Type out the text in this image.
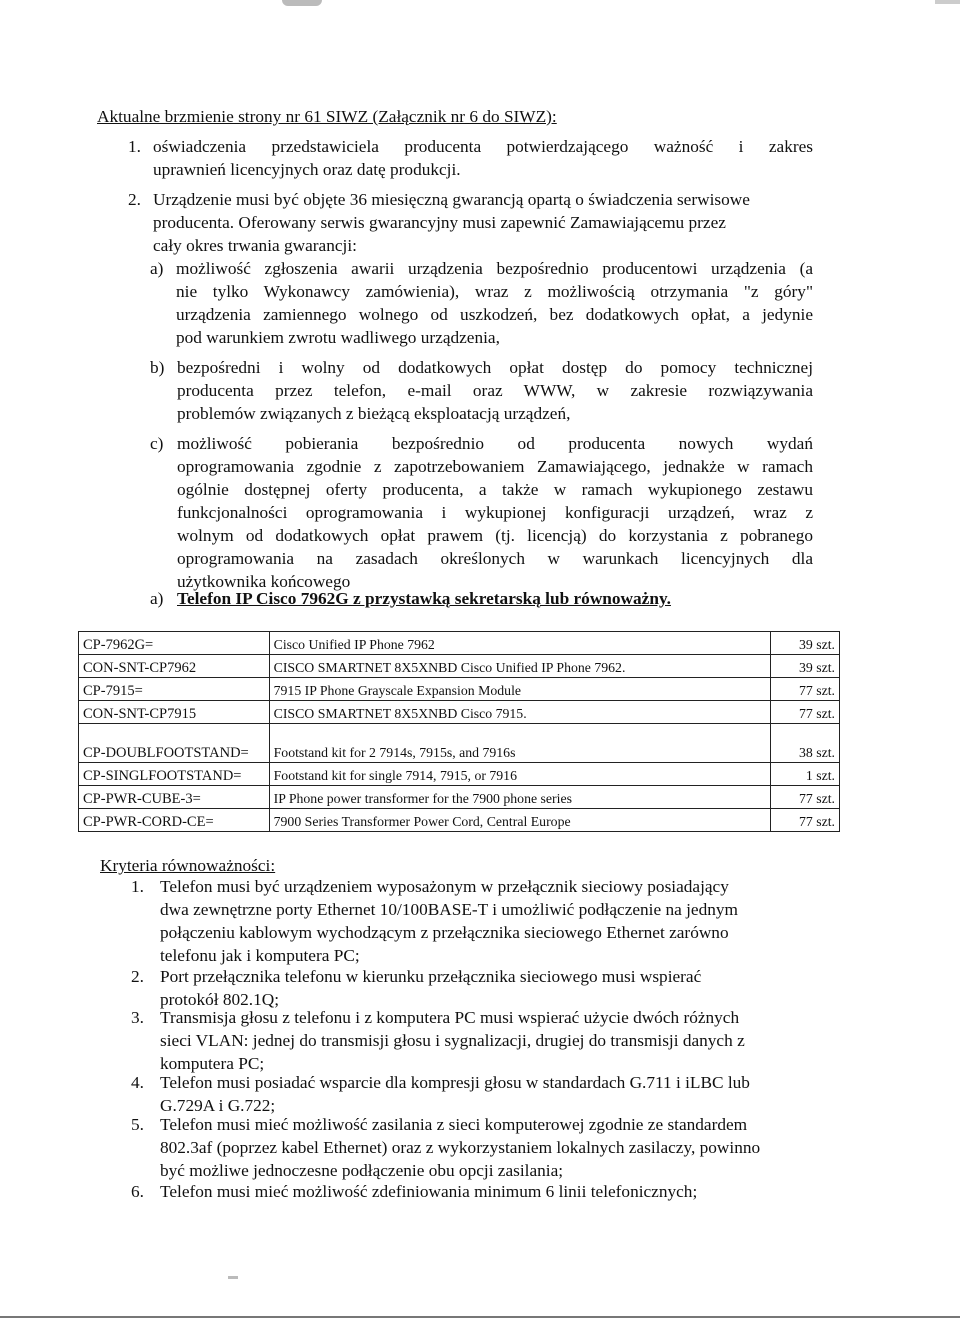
Aktualne brzmienie strony nr 61 SIWZ (Załącznik nr 6 do SIWZ):
1. oświadczenia przedstawiciela producenta potwierdzającego ważność i zakres
uprawnień licencyjnych oraz datę produkcji.
2. Urządzenie musi być objęte 36 miesięczną gwarancją opartą o świadczenia serwisowe
producenta. Oferowany serwis gwarancyjny musi zapewnić Zamawiającemu przez
cały okres trwania gwarancji:
a) możliwość zgłoszenia awarii urządzenia bezpośrednio producentowi urządzenia (a
nie tylko Wykonawcy zamówienia), wraz z możliwością otrzymania "z góry"
urządzenia zamiennego wolnego od uszkodzeń, bez dodatkowych opłat, a jedynie
pod warunkiem zwrotu wadliwego urządzenia,
b) bezpośredni i wolny od dodatkowych opłat dostęp do pomocy technicznej
producenta przez telefon, e-mail oraz WWW, w zakresie rozwiązywania
problemów związanych z bieżącą eksploatacją urządzeń,
c) możliwość pobierania bezpośrednio od producenta nowych wydań
oprogramowania zgodnie z zapotrzebowaniem Zamawiającego, jednakże w ramach
ogólnie dostępnej oferty producenta, a także w ramach wykupionego zestawu
funkcjonalności oprogramowania i wykupionej konfiguracji urządzeń, wraz z
wolnym od dodatkowych opłat prawem (tj. licencją) do korzystania z pobranego
oprogramowania na zasadach określonych w warunkach licencyjnych dla
użytkownika końcowego
a) Telefon IP Cisco 7962G z przystawką sekretarską lub równoważny.
CP-7962G=	Cisco Unified IP Phone 7962	39 szt.
CON-SNT-CP7962	CISCO SMARTNET 8X5XNBD Cisco Unified IP Phone 7962.	39 szt.
CP-7915=	7915 IP Phone Grayscale Expansion Module	77 szt.
CON-SNT-CP7915	CISCO SMARTNET 8X5XNBD Cisco 7915.	77 szt.
CP-DOUBLFOOTSTAND=	Footstand kit for 2 7914s, 7915s, and 7916s	38 szt.
CP-SINGLFOOTSTAND=	Footstand kit for single 7914, 7915, or 7916	1 szt.
CP-PWR-CUBE-3=	IP Phone power transformer for the 7900 phone series	77 szt.
CP-PWR-CORD-CE=	7900 Series Transformer Power Cord, Central Europe	77 szt.
Kryteria równoważności:
1. Telefon musi być urządzeniem wyposażonym w przełącznik sieciowy posiadający
dwa zewnętrzne porty Ethernet 10/100BASE-T i umożliwić podłączenie na jednym
połączeniu kablowym wychodzącym z przełącznika sieciowego Ethernet zarówno
telefonu jak i komputera PC;
2. Port przełącznika telefonu w kierunku przełącznika sieciowego musi wspierać
protokół 802.1Q;
3. Transmisja głosu z telefonu i z komputera PC musi wspierać użycie dwóch różnych
sieci VLAN: jednej do transmisji głosu i sygnalizacji, drugiej do transmisji danych z
komputera PC;
4. Telefon musi posiadać wsparcie dla kompresji głosu w standardach G.711 i iLBC lub
G.729A i G.722;
5. Telefon musi mieć możliwość zasilania z sieci komputerowej zgodnie ze standardem
802.3af (poprzez kabel Ethernet) oraz z wykorzystaniem lokalnych zasilaczy, powinno
być możliwe jednoczesne podłączenie obu opcji zasilania;
6. Telefon musi mieć możliwość zdefiniowania minimum 6 linii telefonicznych;
